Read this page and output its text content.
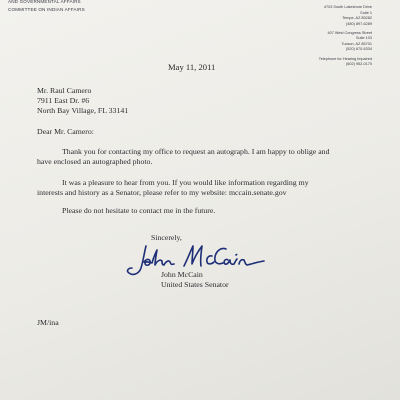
AND GOVERNMENTAL AFFAIRS
COMMITTEE ON INDIAN AFFAIRS	4703 South Lakeshore Drive
Suite 1
Tempe, AZ 85282
(480) 897-6289
407 West Congress Street
Suite 103
Tucson, AZ 85701
(520) 670-6334
Telephone for Hearing Impaired
(602) 952-0170
May 11, 2011
Mr. Raul Camero
7911 East Dr. #6
North Bay Village, FL 33141
Dear Mr. Camero:
Thank you for contacting my office to request an autograph. I am happy to oblige and
have enclosed an autographed photo.
It was a pleasure to hear from you. If you would like information regarding my
interests and history as a Senator, please refer to my website: mccain.senate.gov
Please do not hesitate to contact me in the future.
Sincerely,
John McCain
United States Senator
JM/ina
